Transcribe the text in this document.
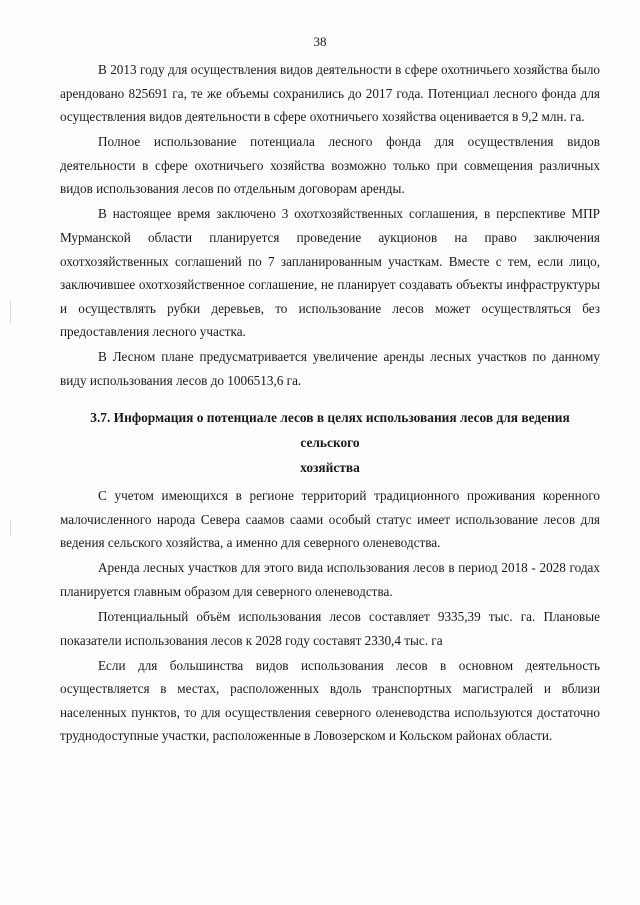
38

В 2013 году для осуществления видов деятельности в сфере охотничьего хозяйства было арендовано 825691 га, те же объемы сохранились до 2017 года. Потенциал лесного фонда для осуществления видов деятельности в сфере охотничьего хозяйства оценивается в 9,2 млн. га.

Полное использование потенциала лесного фонда для осуществления видов деятельности в сфере охотничьего хозяйства возможно только при совмещения различных видов использования лесов по отдельным договорам аренды.

В настоящее время заключено 3 охотхозяйственных соглашения, в перспективе МПР Мурманской области планируется проведение аукционов на право заключения охотхозяйственных соглашений по 7 запланированным участкам. Вместе с тем, если лицо, заключившее охотхозяйственное соглашение, не планирует создавать объекты инфраструктуры и осуществлять рубки деревьев, то использование лесов может осуществляться без предоставления лесного участка.

В Лесном плане предусматривается увеличение аренды лесных участков по данному виду использования лесов до 1006513,6 га.

3.7. Информация о потенциале лесов в целях использования лесов для ведения сельского
хозяйства

С учетом имеющихся в регионе территорий традиционного проживания коренного малочисленного народа Севера саамов саами особый статус имеет использование лесов для ведения сельского хозяйства, а именно для северного оленеводства.

Аренда лесных участков для этого вида использования лесов в период 2018 - 2028 годах планируется главным образом для северного оленеводства.

Потенциальный объём использования лесов составляет 9335,39 тыс. га. Плановые показатели использования лесов к 2028 году составят 2330,4 тыс. га

Если для большинства видов использования лесов в основном деятельность осуществляется в местах, расположенных вдоль транспортных магистралей и вблизи населенных пунктов, то для осуществления северного оленеводства используются достаточно труднодоступные участки, расположенные в Ловозерском и Кольском районах области.
